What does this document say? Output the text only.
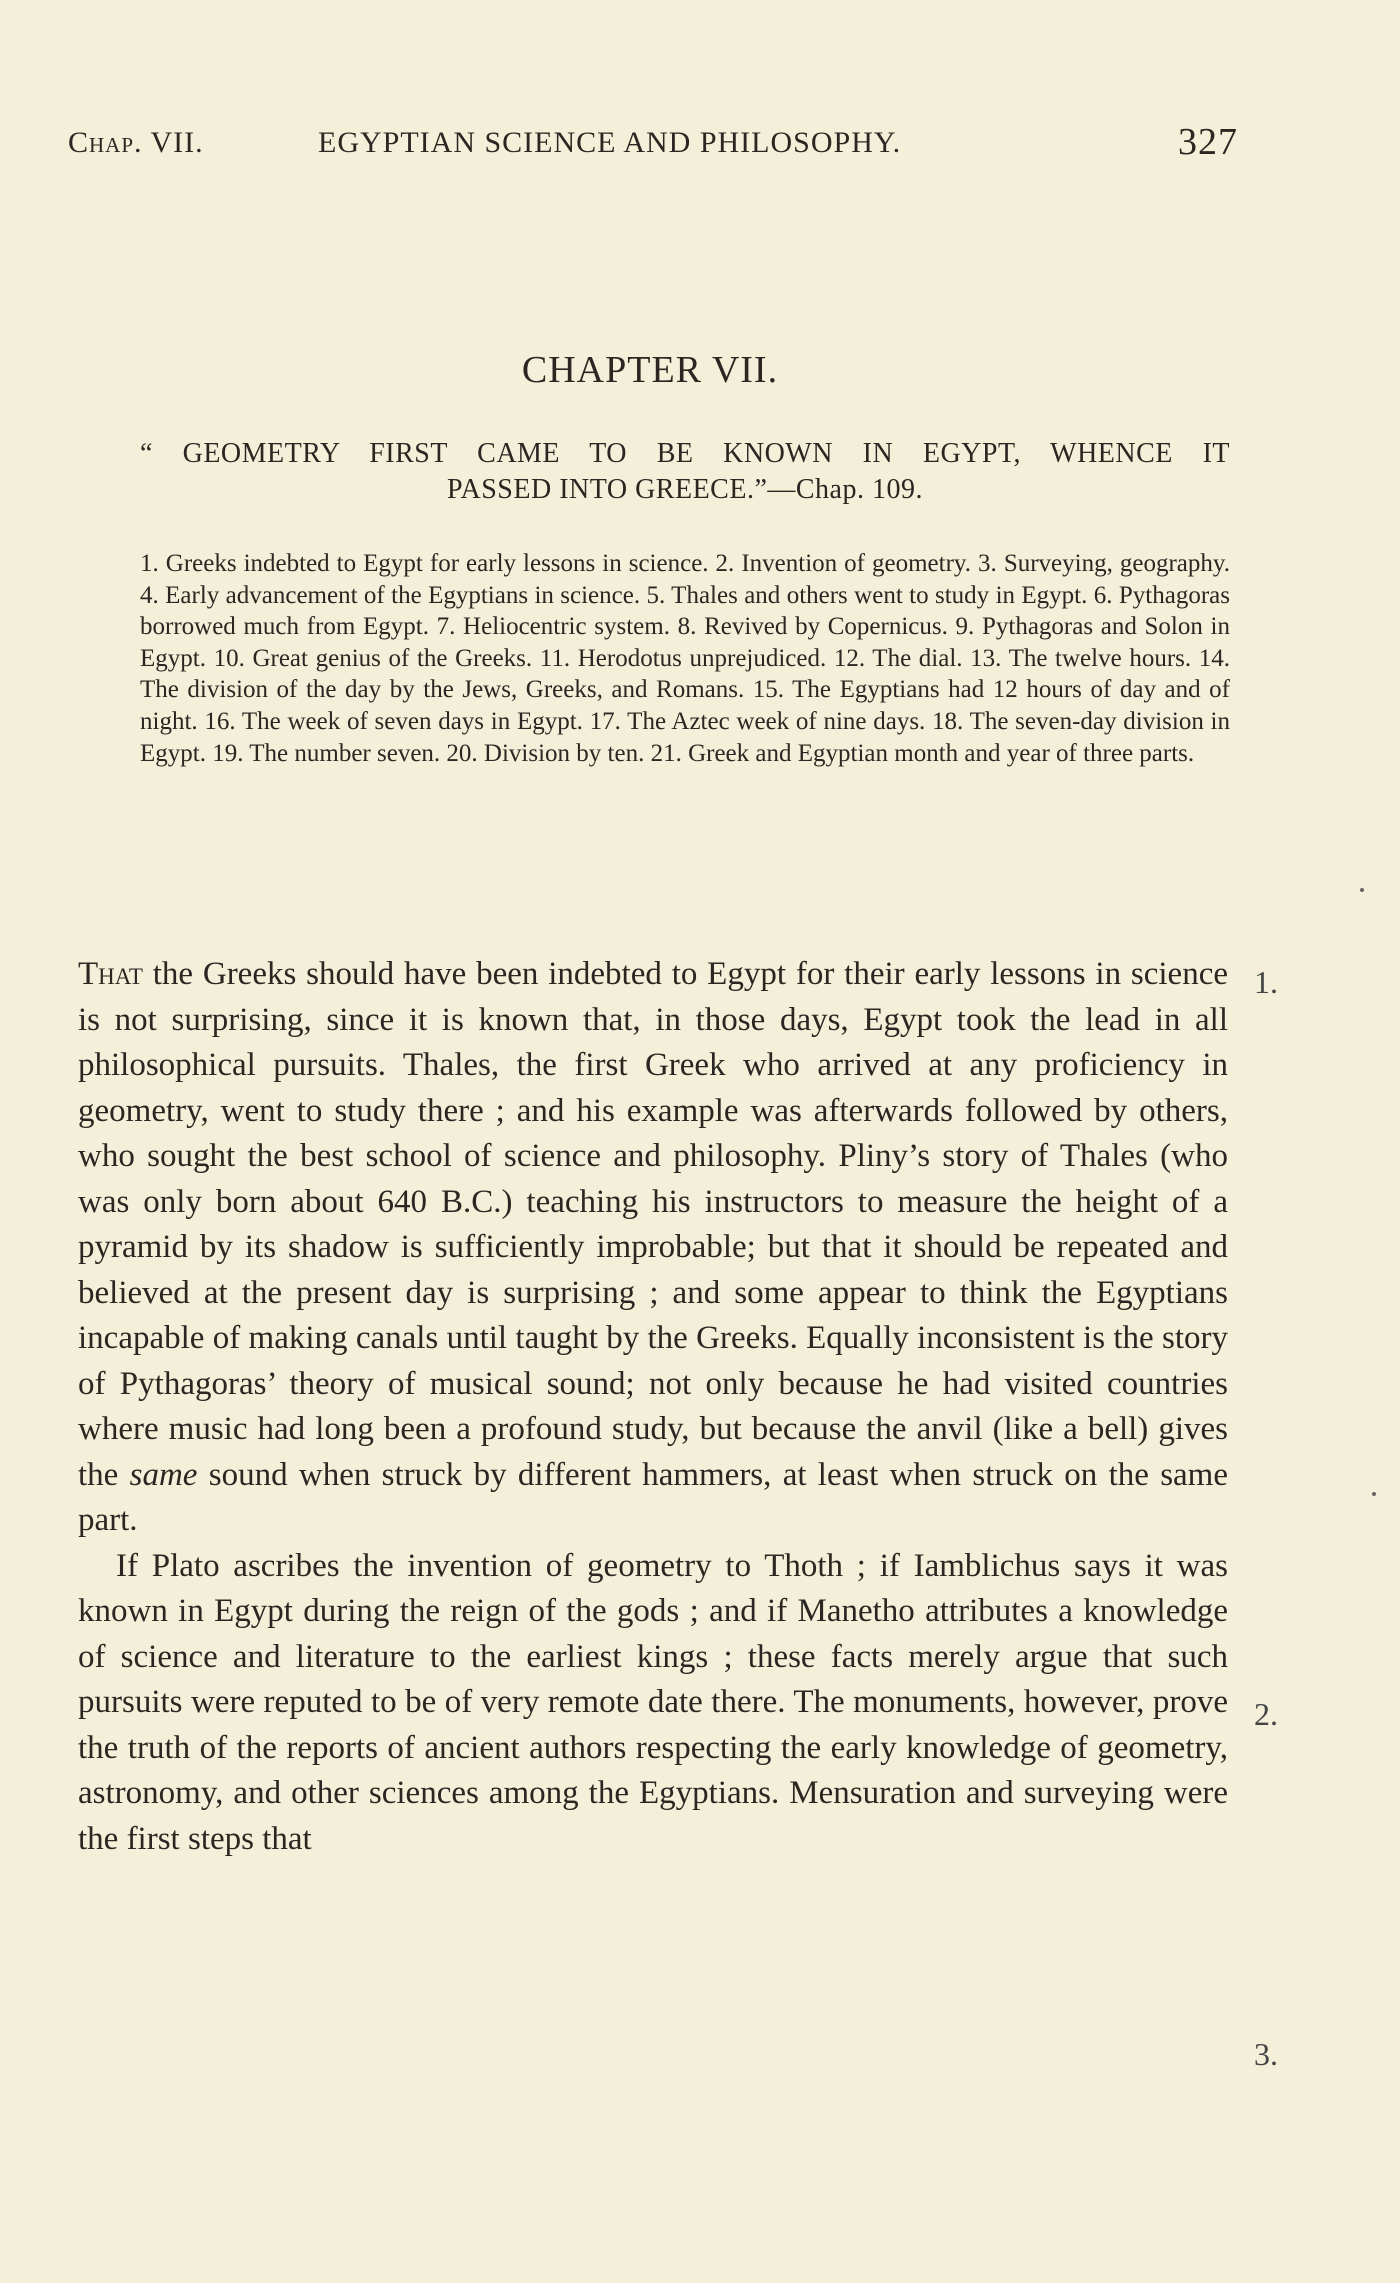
Chap. VII.	EGYPTIAN SCIENCE AND PHILOSOPHY.	327
CHAPTER VII.
“ GEOMETRY FIRST CAME TO BE KNOWN IN EGYPT, WHENCE IT
PASSED INTO GREECE.”—Chap. 109.
1. Greeks indebted to Egypt for early lessons in science. 2. Invention of geometry. 3. Surveying, geography. 4. Early advancement of the Egyptians in science. 5. Thales and others went to study in Egypt. 6. Pythagoras borrowed much from Egypt. 7. Heliocentric system. 8. Revived by Copernicus. 9. Pythagoras and Solon in Egypt. 10. Great genius of the Greeks. 11. Herodotus unprejudiced. 12. The dial. 13. The twelve hours. 14. The division of the day by the Jews, Greeks, and Romans. 15. The Egyptians had 12 hours of day and of night. 16. The week of seven days in Egypt. 17. The Aztec week of nine days. 18. The seven-day division in Egypt. 19. The number seven. 20. Division by ten. 21. Greek and Egyptian month and year of three parts.

That the Greeks should have been indebted to Egypt for their early lessons in science is not surprising, since it is known that, in those days, Egypt took the lead in all philosophical pursuits. Thales, the first Greek who arrived at any proficiency in geometry, went to study there ; and his example was afterwards followed by others, who sought the best school of science and philosophy. Pliny’s story of Thales (who was only born about 640 B.C.) teaching his instructors to measure the height of a pyramid by its shadow is sufficiently improbable; but that it should be repeated and believed at the present day is surprising ; and some appear to think the Egyptians incapable of making canals until taught by the Greeks. Equally inconsistent is the story of Pythagoras’ theory of musical sound; not only because he had visited countries where music had long been a profound study, but because the anvil (like a bell) gives the same sound when struck by different hammers, at least when struck on the same part.

If Plato ascribes the invention of geometry to Thoth ; if Iamblichus says it was known in Egypt during the reign of the gods ; and if Manetho attributes a knowledge of science and literature to the earliest kings ; these facts merely argue that such pursuits were reputed to be of very remote date there. The monuments, however, prove the truth of the reports of ancient authors respecting the early knowledge of geometry, astronomy, and other sciences among the Egyptians. Mensuration and surveying were the first steps that

1.
2.
3.
